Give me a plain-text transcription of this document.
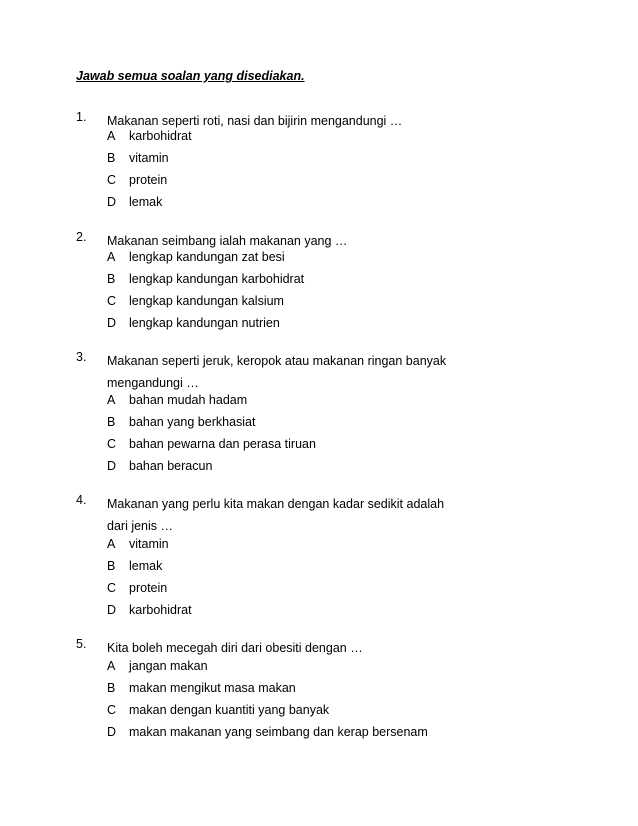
Jawab semua soalan yang disediakan.
1. Makanan seperti roti, nasi dan bijirin mengandungi …
A karbohidrat
B vitamin
C protein
D lemak
2. Makanan seimbang ialah makanan yang …
A lengkap kandungan zat besi
B lengkap kandungan karbohidrat
C lengkap kandungan kalsium
D lengkap kandungan nutrien
3. Makanan seperti jeruk, keropok atau makanan ringan banyak
mengandungi …
A bahan mudah hadam
B bahan yang berkhasiat
C bahan pewarna dan perasa tiruan
D bahan beracun
4. Makanan yang perlu kita makan dengan kadar sedikit adalah
dari jenis …
A vitamin
B lemak
C protein
D karbohidrat
5. Kita boleh mecegah diri dari obesiti dengan …
A jangan makan
B makan mengikut masa makan
C makan dengan kuantiti yang banyak
D makan makanan yang seimbang dan kerap bersenam
